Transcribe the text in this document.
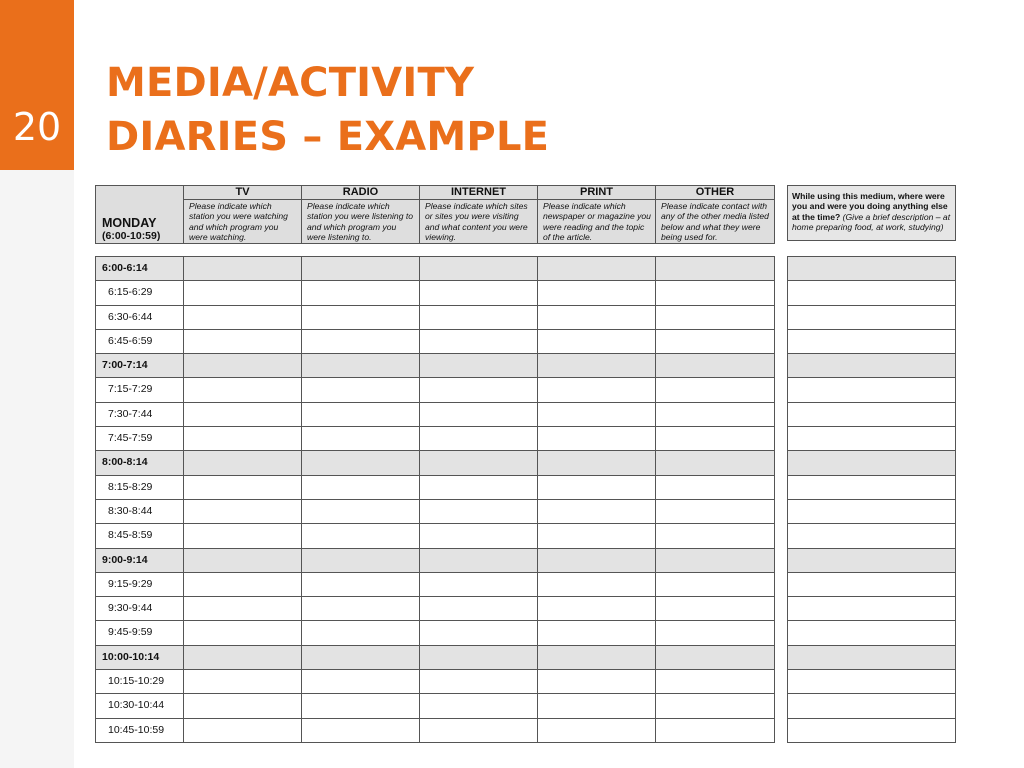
20
MEDIA/ACTIVITY
DIARIES – EXAMPLE
MONDAY
(6:00-10:59)	TV	RADIO	INTERNET	PRINT	OTHER
	Please indicate which station you were watching and which program you were watching.	Please indicate which station you were listening to and which program you were listening to.	Please indicate which sites or sites you were visiting and what content you were viewing.	Please indicate which newspaper or magazine you were reading and the topic of the article.	Please indicate contact with any of the other media listed below and what they were being used for.
While using this medium, where were you and were you doing anything else at the time? (Give a brief description – at home preparing food, at work, studying)
6:00-6:14					
6:15-6:29					
6:30-6:44					
6:45-6:59					
7:00-7:14					
7:15-7:29					
7:30-7:44					
7:45-7:59					
8:00-8:14					
8:15-8:29					
8:30-8:44					
8:45-8:59					
9:00-9:14					
9:15-9:29					
9:30-9:44					
9:45-9:59					
10:00-10:14					
10:15-10:29					
10:30-10:44					
10:45-10:59					
